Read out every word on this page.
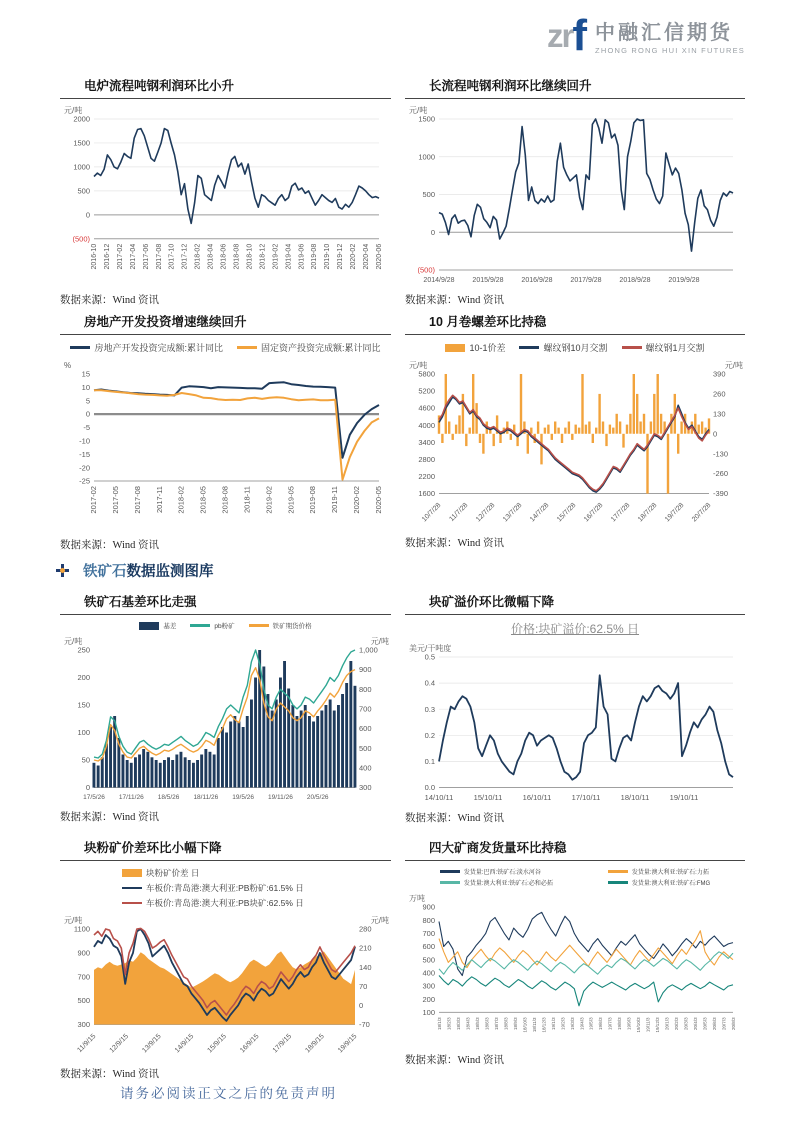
zr f 中融汇信期货
ZHONG RONG HUI XIN FUTURES
电炉流程吨钢利润环比小升
2000
1500
1000
500
0
(500)
元/吨
2016-10 2016-12 2017-02 2017-04 2017-06 2017-08 2017-10 2017-12 2018-02 2018-04 2018-06 2018-08 2018-10 2018-12 2019-02 2019-04 2019-06 2019-08 2019-10 2019-12 2020-02 2020-04 2020-06
数据来源：Wind 资讯
长流程吨钢利润环比继续回升
1500
1000
500
0
(500)
元/吨
2014/9/28	2015/9/28	2016/9/28	2017/9/28	2018/9/28	2019/9/28
数据来源：Wind 资讯
房地产开发投资增速继续回升
房地产开发投资完成额:累计同比	固定资产投资完成额:累计同比
15
10
5
0
-5
-10
-15
-20
-25
%
2017-02 2017-05 2017-08 2017-11 2018-02 2018-05 2018-08 2018-11 2019-02 2019-05 2019-08 2019-11 2020-02 2020-05
数据来源：Wind 资讯
10 月卷螺差环比持稳
10-1价差	螺纹钢10月交割	螺纹钢1月交割
5800
5200
4600
4000
3400
2800
2200
1600
390
260
130
0
-130
-260
-390
元/吨	元/吨
10/7/28 11/7/28 12/7/28 13/7/28 14/7/28 15/7/28 16/7/28 17/7/28 18/7/28 19/7/28 20/7/28
数据来源：Wind 资讯
铁矿石 数据监测图库
铁矿石基差环比走强
基差	pb粉矿	铁矿期货价格
250
200
150
100
50
0
1,000
900
800
700
600
500
400
300
元/吨	元/吨
17/5/26 17/11/26 18/5/26 18/11/26 19/5/26 19/11/26 20/5/26
数据来源：Wind 资讯
块矿溢价环比微幅下降
价格:块矿溢价:62.5% 日
0.5
0.4
0.3
0.2
0.1
0.0
美元/干吨度
14/10/11	15/10/11	16/10/11	17/10/11	18/10/11	19/10/11
数据来源：Wind 资讯
块粉矿价差环比小幅下降
块粉矿价差 日
车板价:青岛港:澳大利亚:PB粉矿:61.5% 日
车板价:青岛港:澳大利亚:PB块矿:62.5% 日
1100
900
700
500
300
280
210
140
70
0
-70
元/吨	元/吨
11/9/15 12/9/15 13/9/15 14/9/15 15/9/15 16/9/15 17/9/15 18/9/15 19/9/15
数据来源：Wind 资讯
四大矿商发货量环比持稳
发货量:巴西:铁矿石:淡水河谷	发货量:澳大利亚:铁矿石:力拓
发货量:澳大利亚:铁矿石:必和必拓	发货量:澳大利亚:铁矿石:FMG
900
800
700
600
500
400
300
200
100
万吨
18/1/3 18/2/3 18/3/3 18/4/3 18/5/3 18/6/3 18/7/3 18/8/3 18/9/3 18/10/3 18/11/3 18/12/3 19/1/3 19/2/3 19/3/3 19/4/3 19/5/3 19/6/3 19/7/3 19/8/3 19/9/3 19/10/3 19/11/3 19/12/3 20/1/3 20/2/3 20/3/3 20/4/3 20/5/3 20/6/3 20/7/3 20/8/3
数据来源：Wind 资讯
请务必阅读正文之后的免责声明
